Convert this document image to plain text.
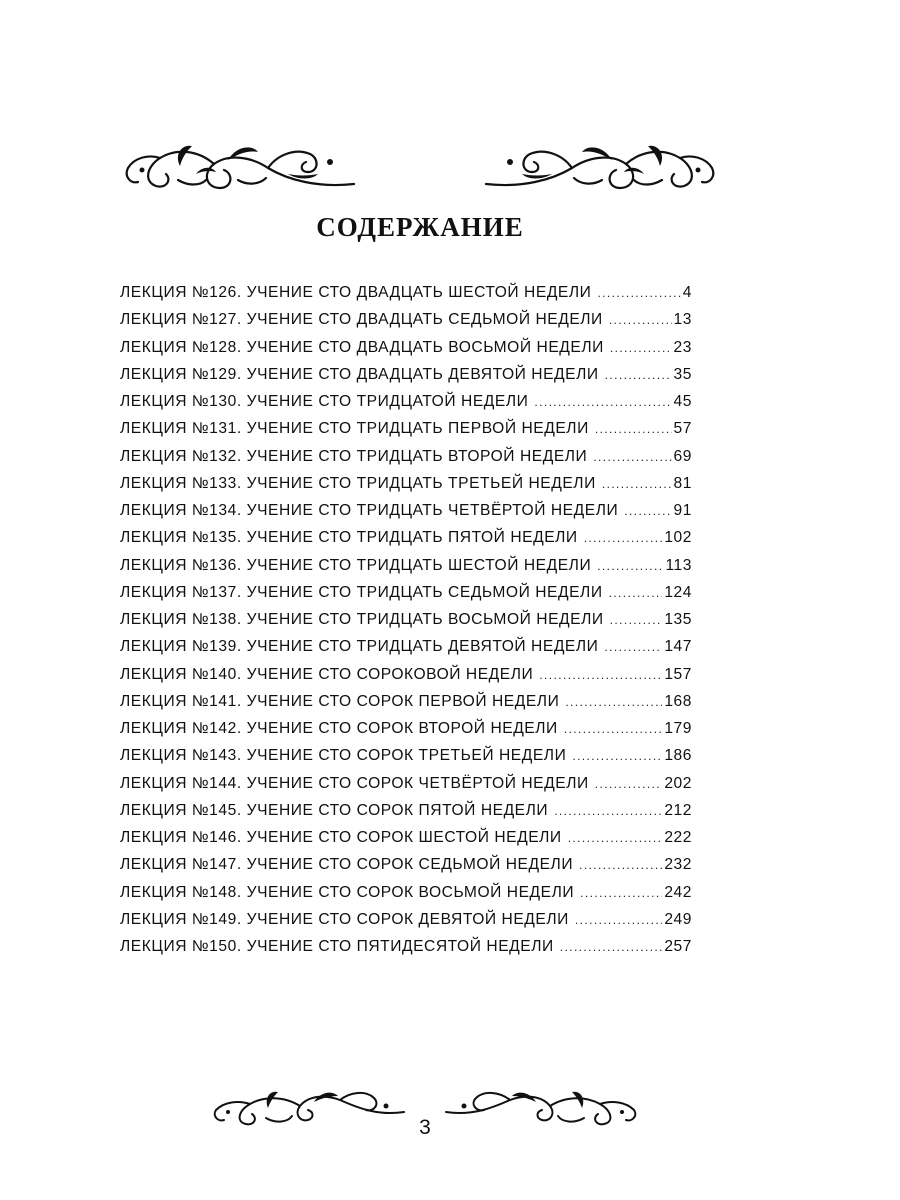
СОДЕРЖАНИЕ
ЛЕКЦИЯ №126. УЧЕНИЕ СТО ДВАДЦАТЬ ШЕСТОЙ НЕДЕЛИ .....	4
ЛЕКЦИЯ №127. УЧЕНИЕ СТО ДВАДЦАТЬ СЕДЬМОЙ НЕДЕЛИ .....	13
ЛЕКЦИЯ №128. УЧЕНИЕ СТО ДВАДЦАТЬ ВОСЬМОЙ НЕДЕЛИ .....	23
ЛЕКЦИЯ №129. УЧЕНИЕ СТО ДВАДЦАТЬ ДЕВЯТОЙ НЕДЕЛИ .....	35
ЛЕКЦИЯ №130. УЧЕНИЕ СТО ТРИДЦАТОЙ НЕДЕЛИ .....	45
ЛЕКЦИЯ №131. УЧЕНИЕ СТО ТРИДЦАТЬ ПЕРВОЙ НЕДЕЛИ .....	57
ЛЕКЦИЯ №132. УЧЕНИЕ СТО ТРИДЦАТЬ ВТОРОЙ НЕДЕЛИ .....	69
ЛЕКЦИЯ №133. УЧЕНИЕ СТО ТРИДЦАТЬ ТРЕТЬЕЙ НЕДЕЛИ .....	81
ЛЕКЦИЯ №134. УЧЕНИЕ СТО ТРИДЦАТЬ ЧЕТВЁРТОЙ НЕДЕЛИ .....	91
ЛЕКЦИЯ №135. УЧЕНИЕ СТО ТРИДЦАТЬ ПЯТОЙ НЕДЕЛИ .....	102
ЛЕКЦИЯ №136. УЧЕНИЕ СТО ТРИДЦАТЬ ШЕСТОЙ НЕДЕЛИ .....	113
ЛЕКЦИЯ №137. УЧЕНИЕ СТО ТРИДЦАТЬ СЕДЬМОЙ НЕДЕЛИ .....	124
ЛЕКЦИЯ №138. УЧЕНИЕ СТО ТРИДЦАТЬ ВОСЬМОЙ НЕДЕЛИ .....	135
ЛЕКЦИЯ №139. УЧЕНИЕ СТО ТРИДЦАТЬ ДЕВЯТОЙ НЕДЕЛИ .....	147
ЛЕКЦИЯ №140. УЧЕНИЕ СТО СОРОКОВОЙ НЕДЕЛИ .....	157
ЛЕКЦИЯ №141. УЧЕНИЕ СТО СОРОК ПЕРВОЙ НЕДЕЛИ .....	168
ЛЕКЦИЯ №142. УЧЕНИЕ СТО СОРОК ВТОРОЙ НЕДЕЛИ .....	179
ЛЕКЦИЯ №143. УЧЕНИЕ СТО СОРОК ТРЕТЬЕЙ НЕДЕЛИ .....	186
ЛЕКЦИЯ №144. УЧЕНИЕ СТО СОРОК ЧЕТВЁРТОЙ НЕДЕЛИ .....	202
ЛЕКЦИЯ №145. УЧЕНИЕ СТО СОРОК ПЯТОЙ НЕДЕЛИ .....	212
ЛЕКЦИЯ №146. УЧЕНИЕ СТО СОРОК ШЕСТОЙ НЕДЕЛИ .....	222
ЛЕКЦИЯ №147. УЧЕНИЕ СТО СОРОК СЕДЬМОЙ НЕДЕЛИ .....	232
ЛЕКЦИЯ №148. УЧЕНИЕ СТО СОРОК ВОСЬМОЙ НЕДЕЛИ .....	242
ЛЕКЦИЯ №149. УЧЕНИЕ СТО СОРОК ДЕВЯТОЙ НЕДЕЛИ .....	249
ЛЕКЦИЯ №150. УЧЕНИЕ СТО ПЯТИДЕСЯТОЙ НЕДЕЛИ .....	257
3
